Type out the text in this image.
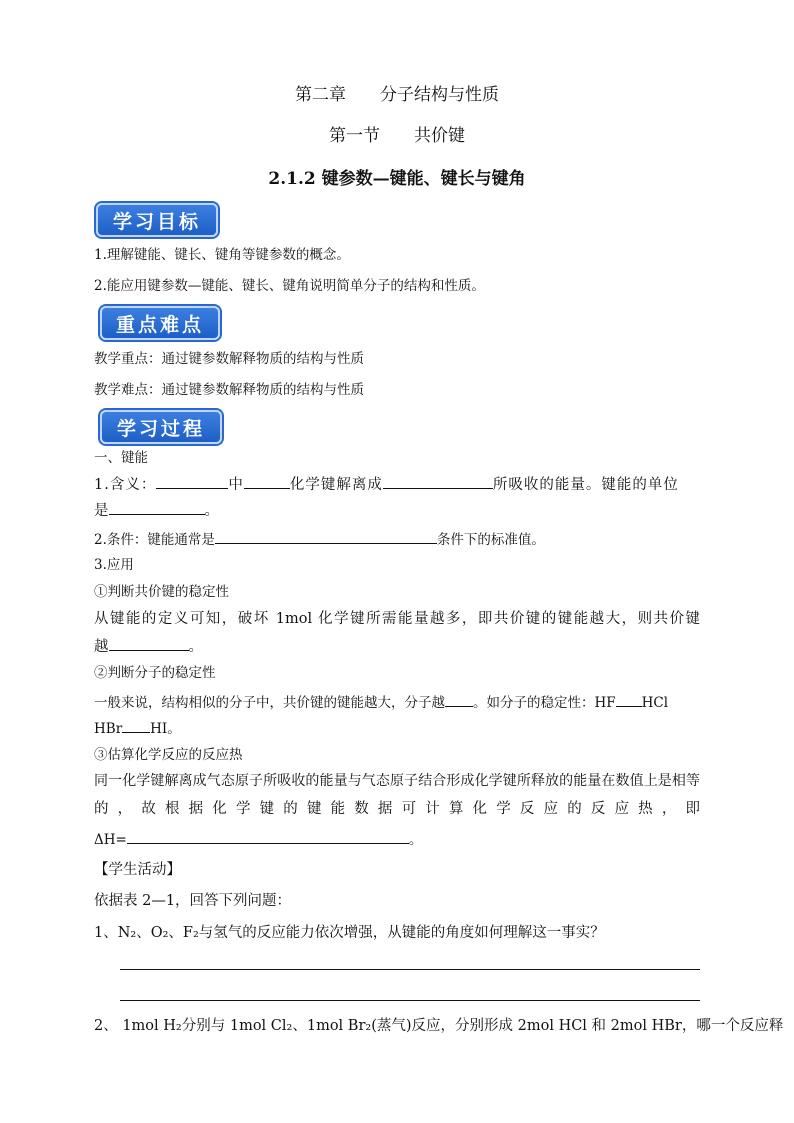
第二章　　分子结构与性质
第一节　　共价键
2.1.2 键参数—键能、键长与键角
学习目标
1.理解键能、键长、键角等键参数的概念。
2.能应用键参数—键能、键长、键角说明简单分子的结构和性质。
重点难点
教学重点：通过键参数解释物质的结构与性质
教学难点：通过键参数解释物质的结构与性质
学习过程
一、键能
1.含义：	中	化学键解离成	所吸收的能量。键能的单位
是	。
2.条件：键能通常是	条件下的标准值。
3.应用
①判断共价键的稳定性
从键能的定义可知，破坏 1mol 化学键所需能量越多，即共价键的键能越大，则共价键
越	。
②判断分子的稳定性
一般来说，结构相似的分子中，共价键的键能越大，分子越 。如分子的稳定性：HF HCl
HBr HI。
③估算化学反应的反应热
同一化学键解离成气态原子所吸收的能量与气态原子结合形成化学键所释放的能量在数值上是相等
的，故根据化学键的键能数据可计算化学反应的反应热，即
ΔH=	。
【学生活动】
依据表 2—1，回答下列问题：
1、N₂、O₂、F₂与氢气的反应能力依次增强，从键能的角度如何理解这一事实？
2、 1mol H₂分别与 1mol Cl₂、1mol Br₂(蒸气)反应，分别形成 2mol HCl 和 2mol HBr，哪一个反应释
